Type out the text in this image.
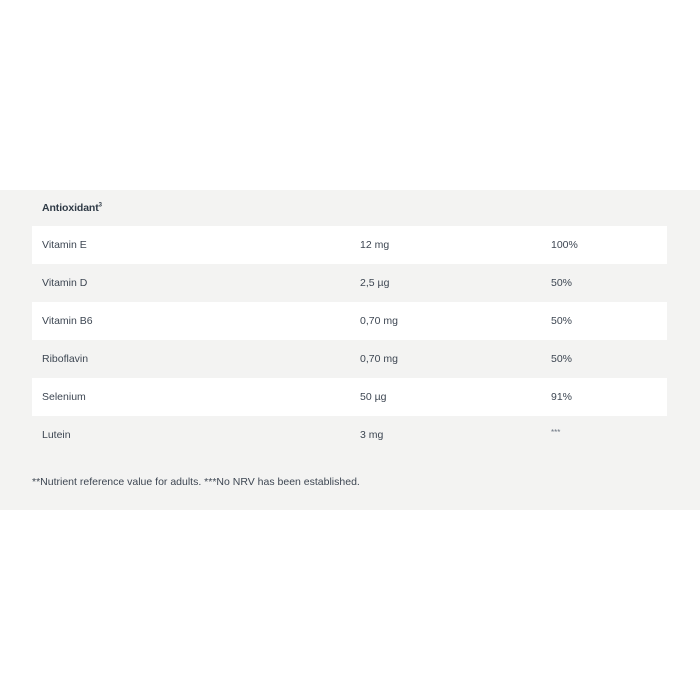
Antioxidant$^3$
Vitamin E	12 mg	100%
Vitamin D	2,5 µg	50%
Vitamin B6	0,70 mg	50%
Riboflavin	0,70 mg	50%
Selenium	50 µg	91%
Lutein	3 mg	***
**Nutrient reference value for adults. ***No NRV has been established.
